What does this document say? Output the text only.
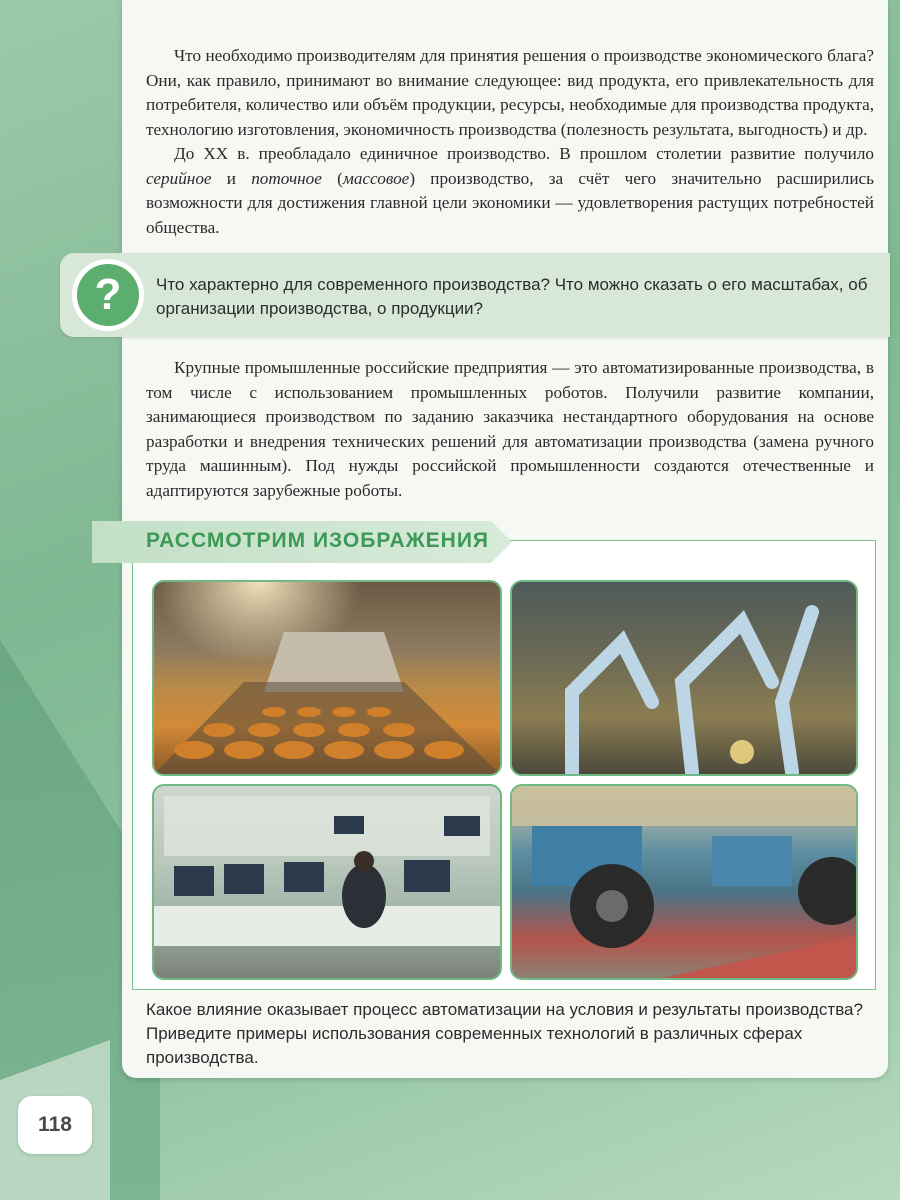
Что необходимо производителям для принятия решения о производстве экономического блага? Они, как правило, принимают во внимание следующее: вид продукта, его привлекательность для потребителя, количество или объём продукции, ресурсы, необходимые для производства продукта, технологию изготовления, экономичность производства (полезность результата, выгодность) и др.

До XX в. преобладало единичное производство. В прошлом столетии развитие получило серийное и поточное (массовое) производство, за счёт чего значительно расширились возможности для достижения главной цели экономики — удовлетворения растущих потребностей общества.

? Что характерно для современного производства? Что можно сказать о его масштабах, об организации производства, о продукции?

Крупные промышленные российские предприятия — это автоматизированные производства, в том числе с использованием промышленных роботов. Получили развитие компании, занимающиеся производством по заданию заказчика нестандартного оборудования на основе разработки и внедрения технических решений для автоматизации производства (замена ручного труда машинным). Под нужды российской промышленности создаются отечественные и адаптируются зарубежные роботы.

РАССМОТРИМ ИЗОБРАЖЕНИЯ
Какое влияние оказывает процесс автоматизации на условия и результаты производства? Приведите примеры использования современных технологий в различных сферах производства.
118
